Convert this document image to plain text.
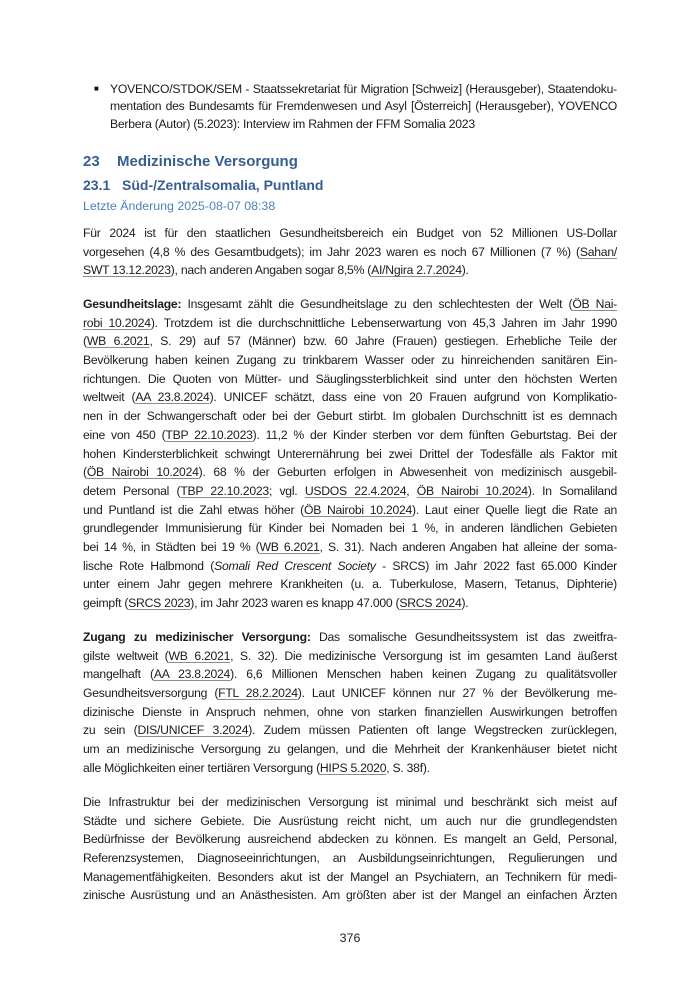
■ YOVENCO/STDOK/SEM - Staatssekretariat für Migration [Schweiz] (Herausgeber), Staatendoku-
mentation des Bundesamts für Fremdenwesen und Asyl [Österreich] (Herausgeber), YOVENCO
Berbera (Autor) (5.2023): Interview im Rahmen der FFM Somalia 2023
23 Medizinische Versorgung
23.1 Süd-/Zentralsomalia, Puntland
Letzte Änderung 2025-08-07 08:38
Für 2024 ist für den staatlichen Gesundheitsbereich ein Budget von 52 Millionen US-Dollar
vorgesehen (4,8 % des Gesamtbudgets); im Jahr 2023 waren es noch 67 Millionen (7 %) (Sahan/
SWT 13.12.2023), nach anderen Angaben sogar 8,5% (AI/Ngira 2.7.2024).
Gesundheitslage: Insgesamt zählt die Gesundheitslage zu den schlechtesten der Welt (ÖB Nai-
robi 10.2024). Trotzdem ist die durchschnittliche Lebenserwartung von 45,3 Jahren im Jahr 1990
(WB 6.2021, S. 29) auf 57 (Männer) bzw. 60 Jahre (Frauen) gestiegen. Erhebliche Teile der
Bevölkerung haben keinen Zugang zu trinkbarem Wasser oder zu hinreichenden sanitären Ein-
richtungen. Die Quoten von Mütter- und Säuglingssterblichkeit sind unter den höchsten Werten
weltweit (AA 23.8.2024). UNICEF schätzt, dass eine von 20 Frauen aufgrund von Komplikatio-
nen in der Schwangerschaft oder bei der Geburt stirbt. Im globalen Durchschnitt ist es demnach
eine von 450 (TBP 22.10.2023). 11,2 % der Kinder sterben vor dem fünften Geburtstag. Bei der
hohen Kindersterblichkeit schwingt Unterernährung bei zwei Drittel der Todesfälle als Faktor mit
(ÖB Nairobi 10.2024). 68 % der Geburten erfolgen in Abwesenheit von medizinisch ausgebil-
detem Personal (TBP 22.10.2023; vgl. USDOS 22.4.2024, ÖB Nairobi 10.2024). In Somaliland
und Puntland ist die Zahl etwas höher (ÖB Nairobi 10.2024). Laut einer Quelle liegt die Rate an
grundlegender Immunisierung für Kinder bei Nomaden bei 1 %, in anderen ländlichen Gebieten
bei 14 %, in Städten bei 19 % (WB 6.2021, S. 31). Nach anderen Angaben hat alleine der soma-
lische Rote Halbmond (Somali Red Crescent Society - SRCS) im Jahr 2022 fast 65.000 Kinder
unter einem Jahr gegen mehrere Krankheiten (u. a. Tuberkulose, Masern, Tetanus, Diphterie)
geimpft (SRCS 2023), im Jahr 2023 waren es knapp 47.000 (SRCS 2024).
Zugang zu medizinischer Versorgung: Das somalische Gesundheitssystem ist das zweitfra-
gilste weltweit (WB 6.2021, S. 32). Die medizinische Versorgung ist im gesamten Land äußerst
mangelhaft (AA 23.8.2024). 6,6 Millionen Menschen haben keinen Zugang zu qualitätsvoller
Gesundheitsversorgung (FTL 28.2.2024). Laut UNICEF können nur 27 % der Bevölkerung me-
dizinische Dienste in Anspruch nehmen, ohne von starken finanziellen Auswirkungen betroffen
zu sein (DIS/UNICEF 3.2024). Zudem müssen Patienten oft lange Wegstrecken zurücklegen,
um an medizinische Versorgung zu gelangen, und die Mehrheit der Krankenhäuser bietet nicht
alle Möglichkeiten einer tertiären Versorgung (HIPS 5.2020, S. 38f).
Die Infrastruktur bei der medizinischen Versorgung ist minimal und beschränkt sich meist auf
Städte und sichere Gebiete. Die Ausrüstung reicht nicht, um auch nur die grundlegendsten
Bedürfnisse der Bevölkerung ausreichend abdecken zu können. Es mangelt an Geld, Personal,
Referenzsystemen, Diagnoseeinrichtungen, an Ausbildungseinrichtungen, Regulierungen und
Managementfähigkeiten. Besonders akut ist der Mangel an Psychiatern, an Technikern für medi-
zinische Ausrüstung und an Anästhesisten. Am größten aber ist der Mangel an einfachen Ärzten
376
